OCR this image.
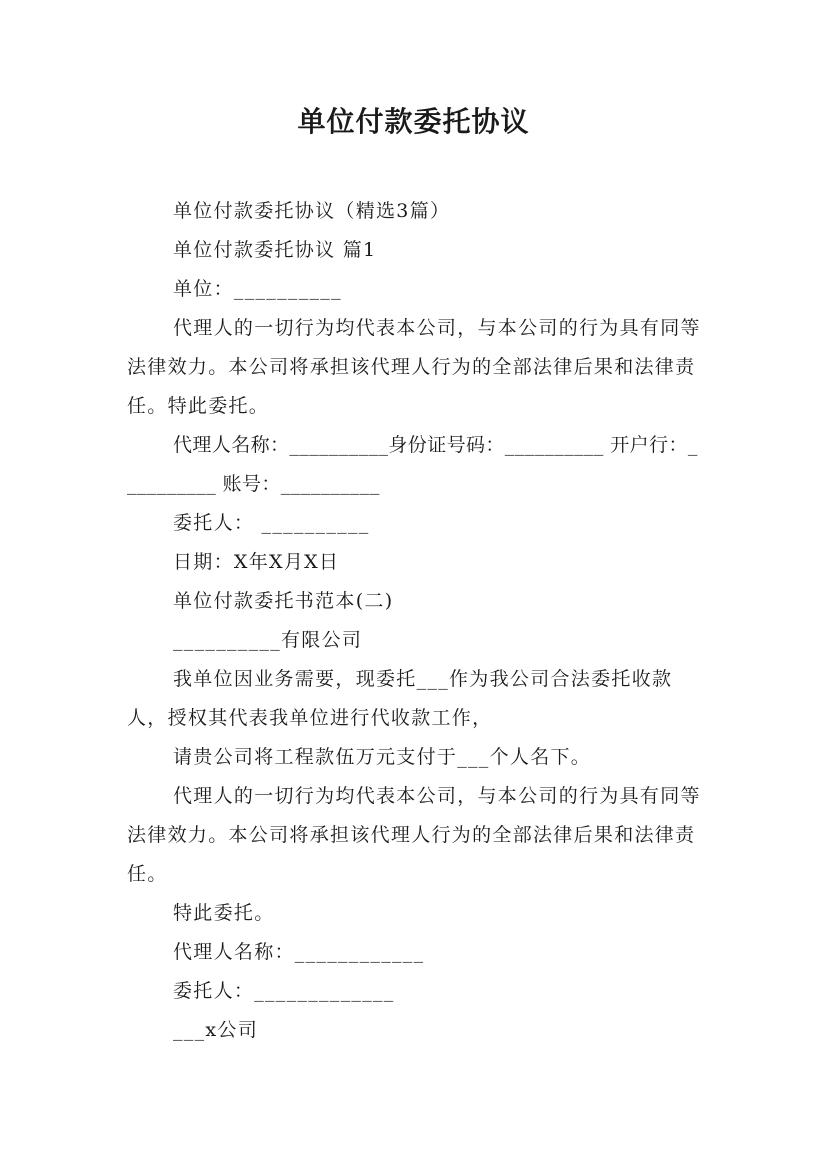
单位付款委托协议

单位付款委托协议（精选3篇）

单位付款委托协议 篇1

单位：__________

代理人的一切行为均代表本公司，与本公司的行为具有同等法律效力。本公司将承担该代理人行为的全部法律后果和法律责任。特此委托。

代理人名称：__________身份证号码：__________ 开户行：__________ 账号：__________

委托人： __________

日期：X年X月X日

单位付款委托书范本(二)

__________有限公司

我单位因业务需要，现委托___作为我公司合法委托收款人，授权其代表我单位进行代收款工作，

请贵公司将工程款伍万元支付于___个人名下。

代理人的一切行为均代表本公司，与本公司的行为具有同等法律效力。本公司将承担该代理人行为的全部法律后果和法律责任。

特此委托。

代理人名称：____________

委托人：_____________

___x公司
